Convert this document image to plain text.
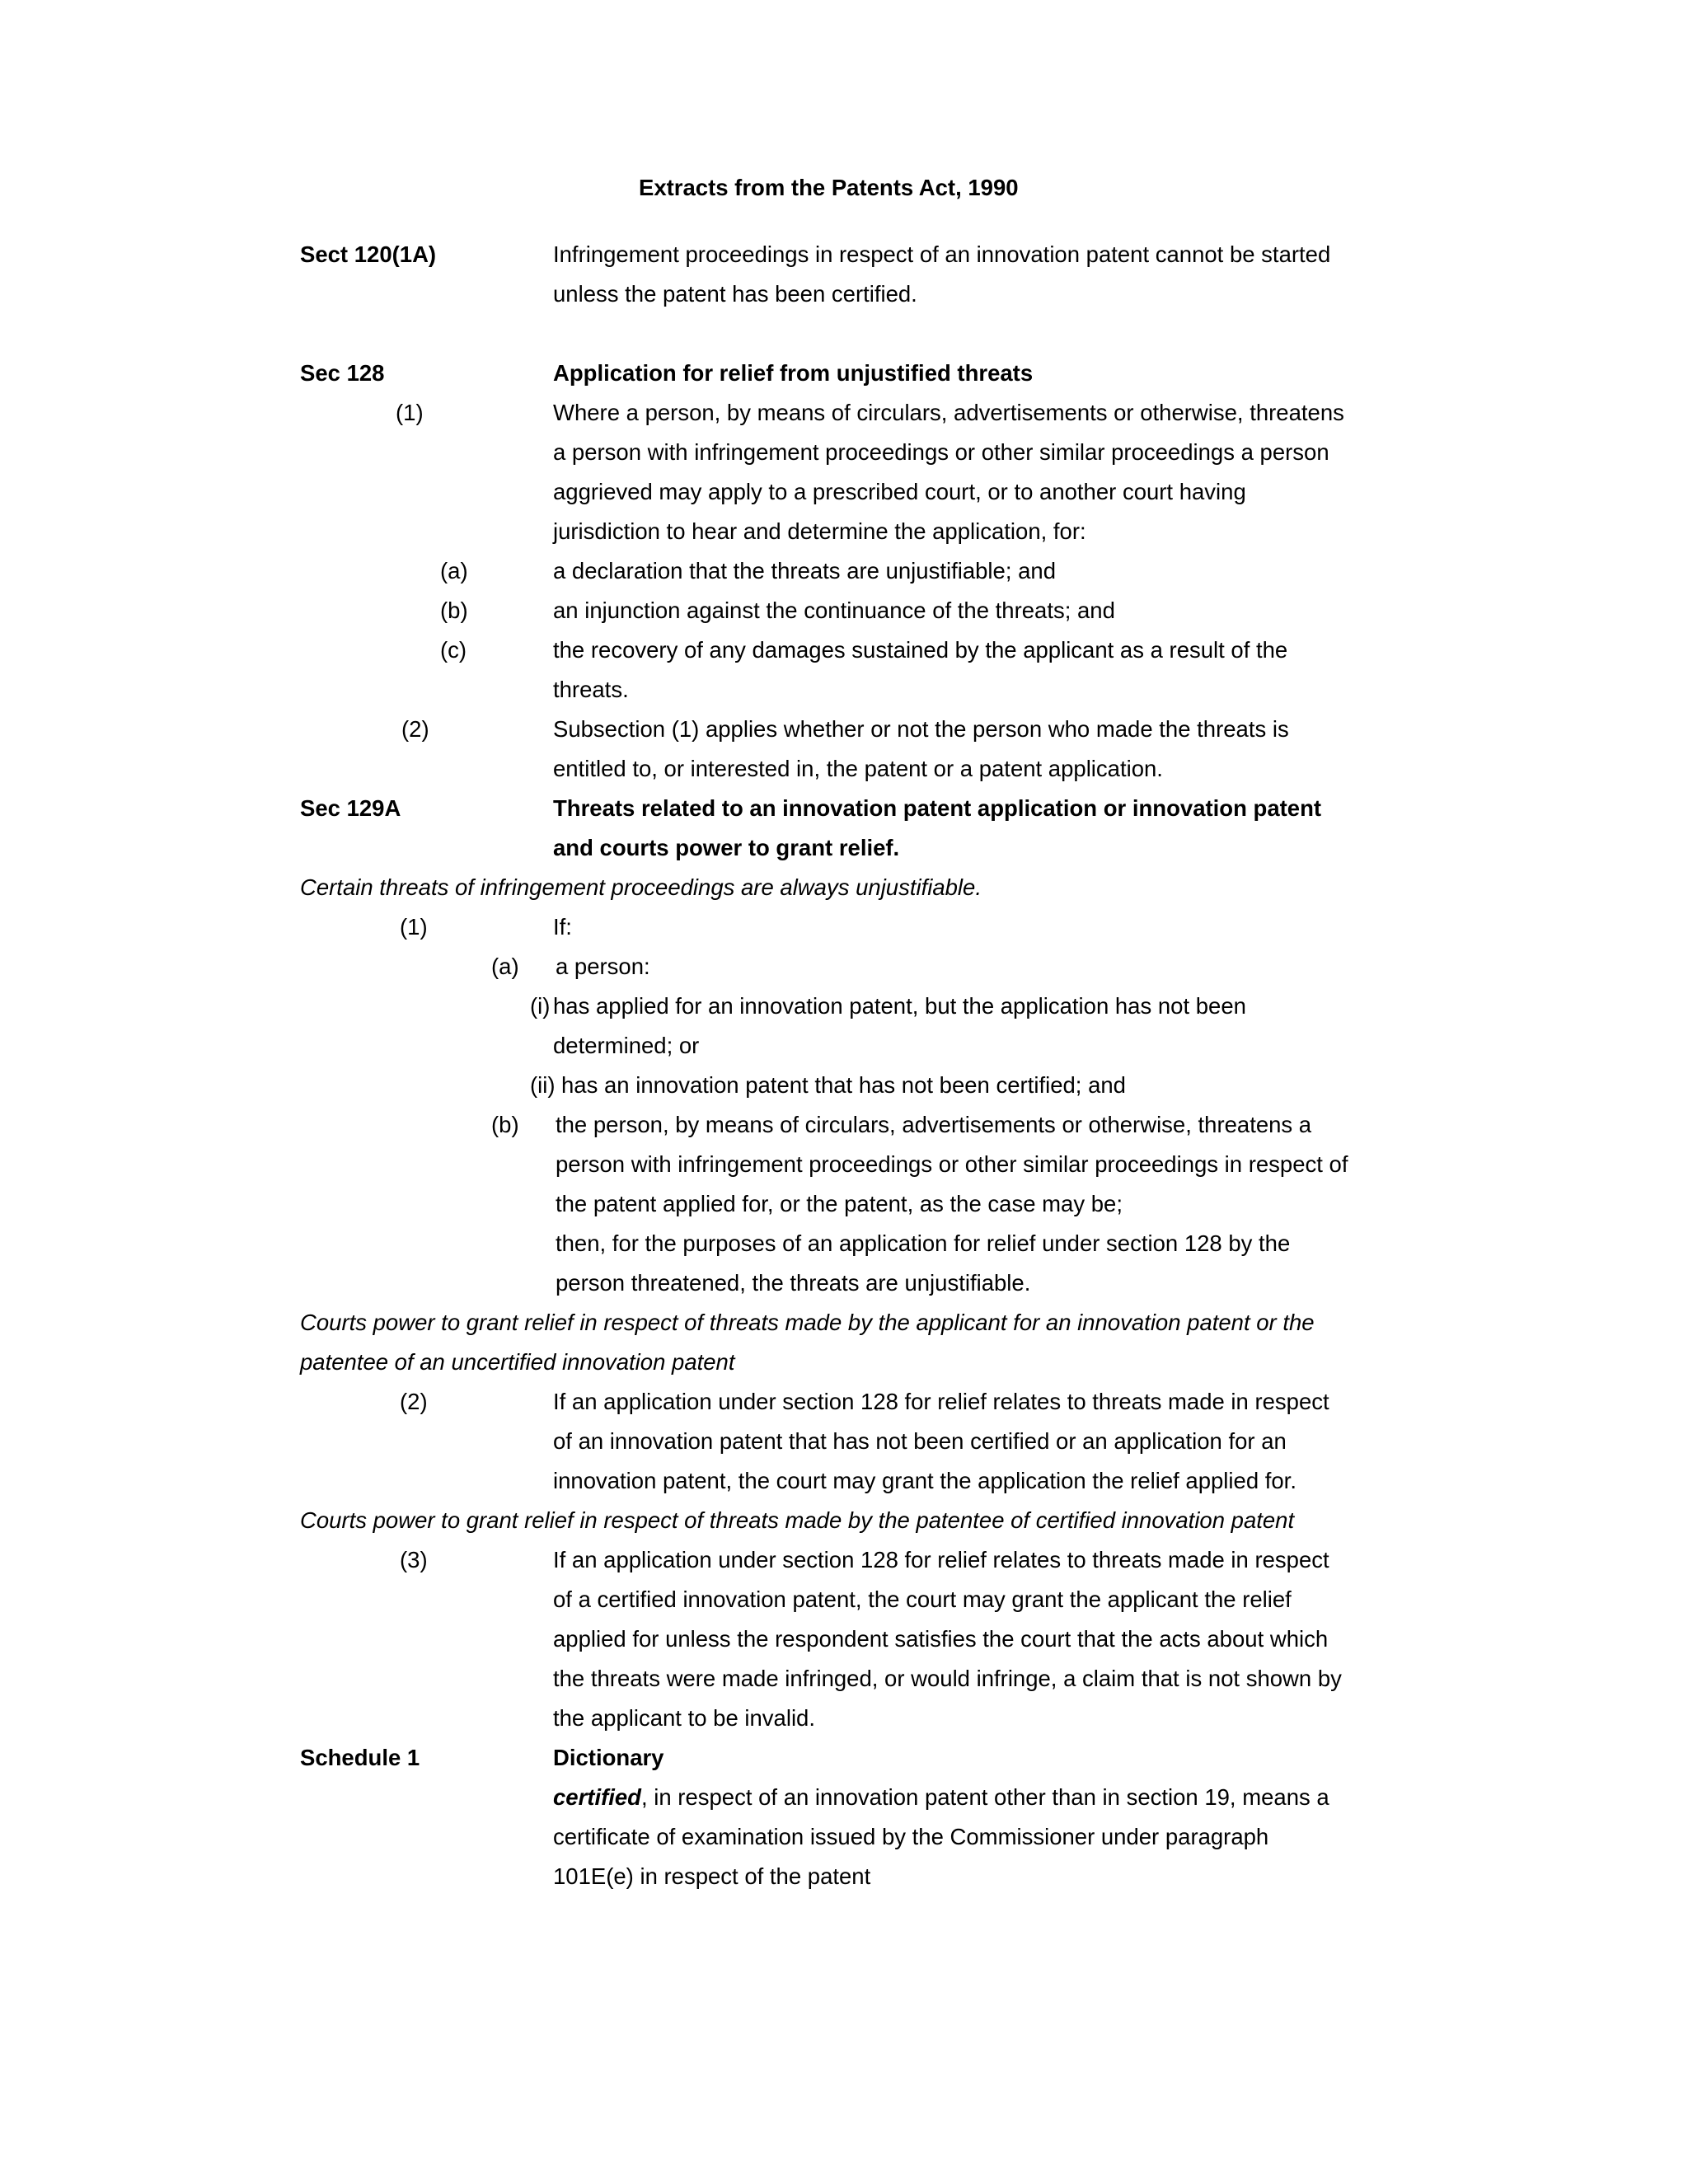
Extracts from the Patents Act, 1990
Sect 120(1A)	Infringement proceedings in respect of an innovation patent cannot be started
unless the patent has been certified.
Sec 128	Application for relief from unjustified threats
(1)	Where a person, by means of circulars, advertisements or otherwise, threatens
a person with infringement proceedings or other similar proceedings a person
aggrieved may apply to a prescribed court, or to another court having
jurisdiction to hear and determine the application, for:
(a)	a declaration that the threats are unjustifiable; and
(b)	an injunction against the continuance of the threats; and
(c)	the recovery of any damages sustained by the applicant as a result of the
threats.
(2)	Subsection (1) applies whether or not the person who made the threats is
entitled to, or interested in, the patent or a patent application.
Sec 129A	Threats related to an innovation patent application or innovation patent
and courts power to grant relief.
Certain threats of infringement proceedings are always unjustifiable.
(1)	If:
(a) a person:
(i) has applied for an innovation patent, but the application has not been
determined; or
(ii) has an innovation patent that has not been certified; and
(b) the person, by means of circulars, advertisements or otherwise, threatens a
person with infringement proceedings or other similar proceedings in respect of
the patent applied for, or the patent, as the case may be;
then, for the purposes of an application for relief under section 128 by the
person threatened, the threats are unjustifiable.
Courts power to grant relief in respect of threats made by the applicant for an innovation patent or the
patentee of an uncertified innovation patent
(2)	If an application under section 128 for relief relates to threats made in respect
of an innovation patent that has not been certified or an application for an
innovation patent, the court may grant the application the relief applied for.
Courts power to grant relief in respect of threats made by the patentee of certified innovation patent
(3)	If an application under section 128 for relief relates to threats made in respect
of a certified innovation patent, the court may grant the applicant the relief
applied for unless the respondent satisfies the court that the acts about which
the threats were made infringed, or would infringe, a claim that is not shown by
the applicant to be invalid.
Schedule 1	Dictionary
certified, in respect of an innovation patent other than in section 19, means a
certificate of examination issued by the Commissioner under paragraph
101E(e) in respect of the patent
